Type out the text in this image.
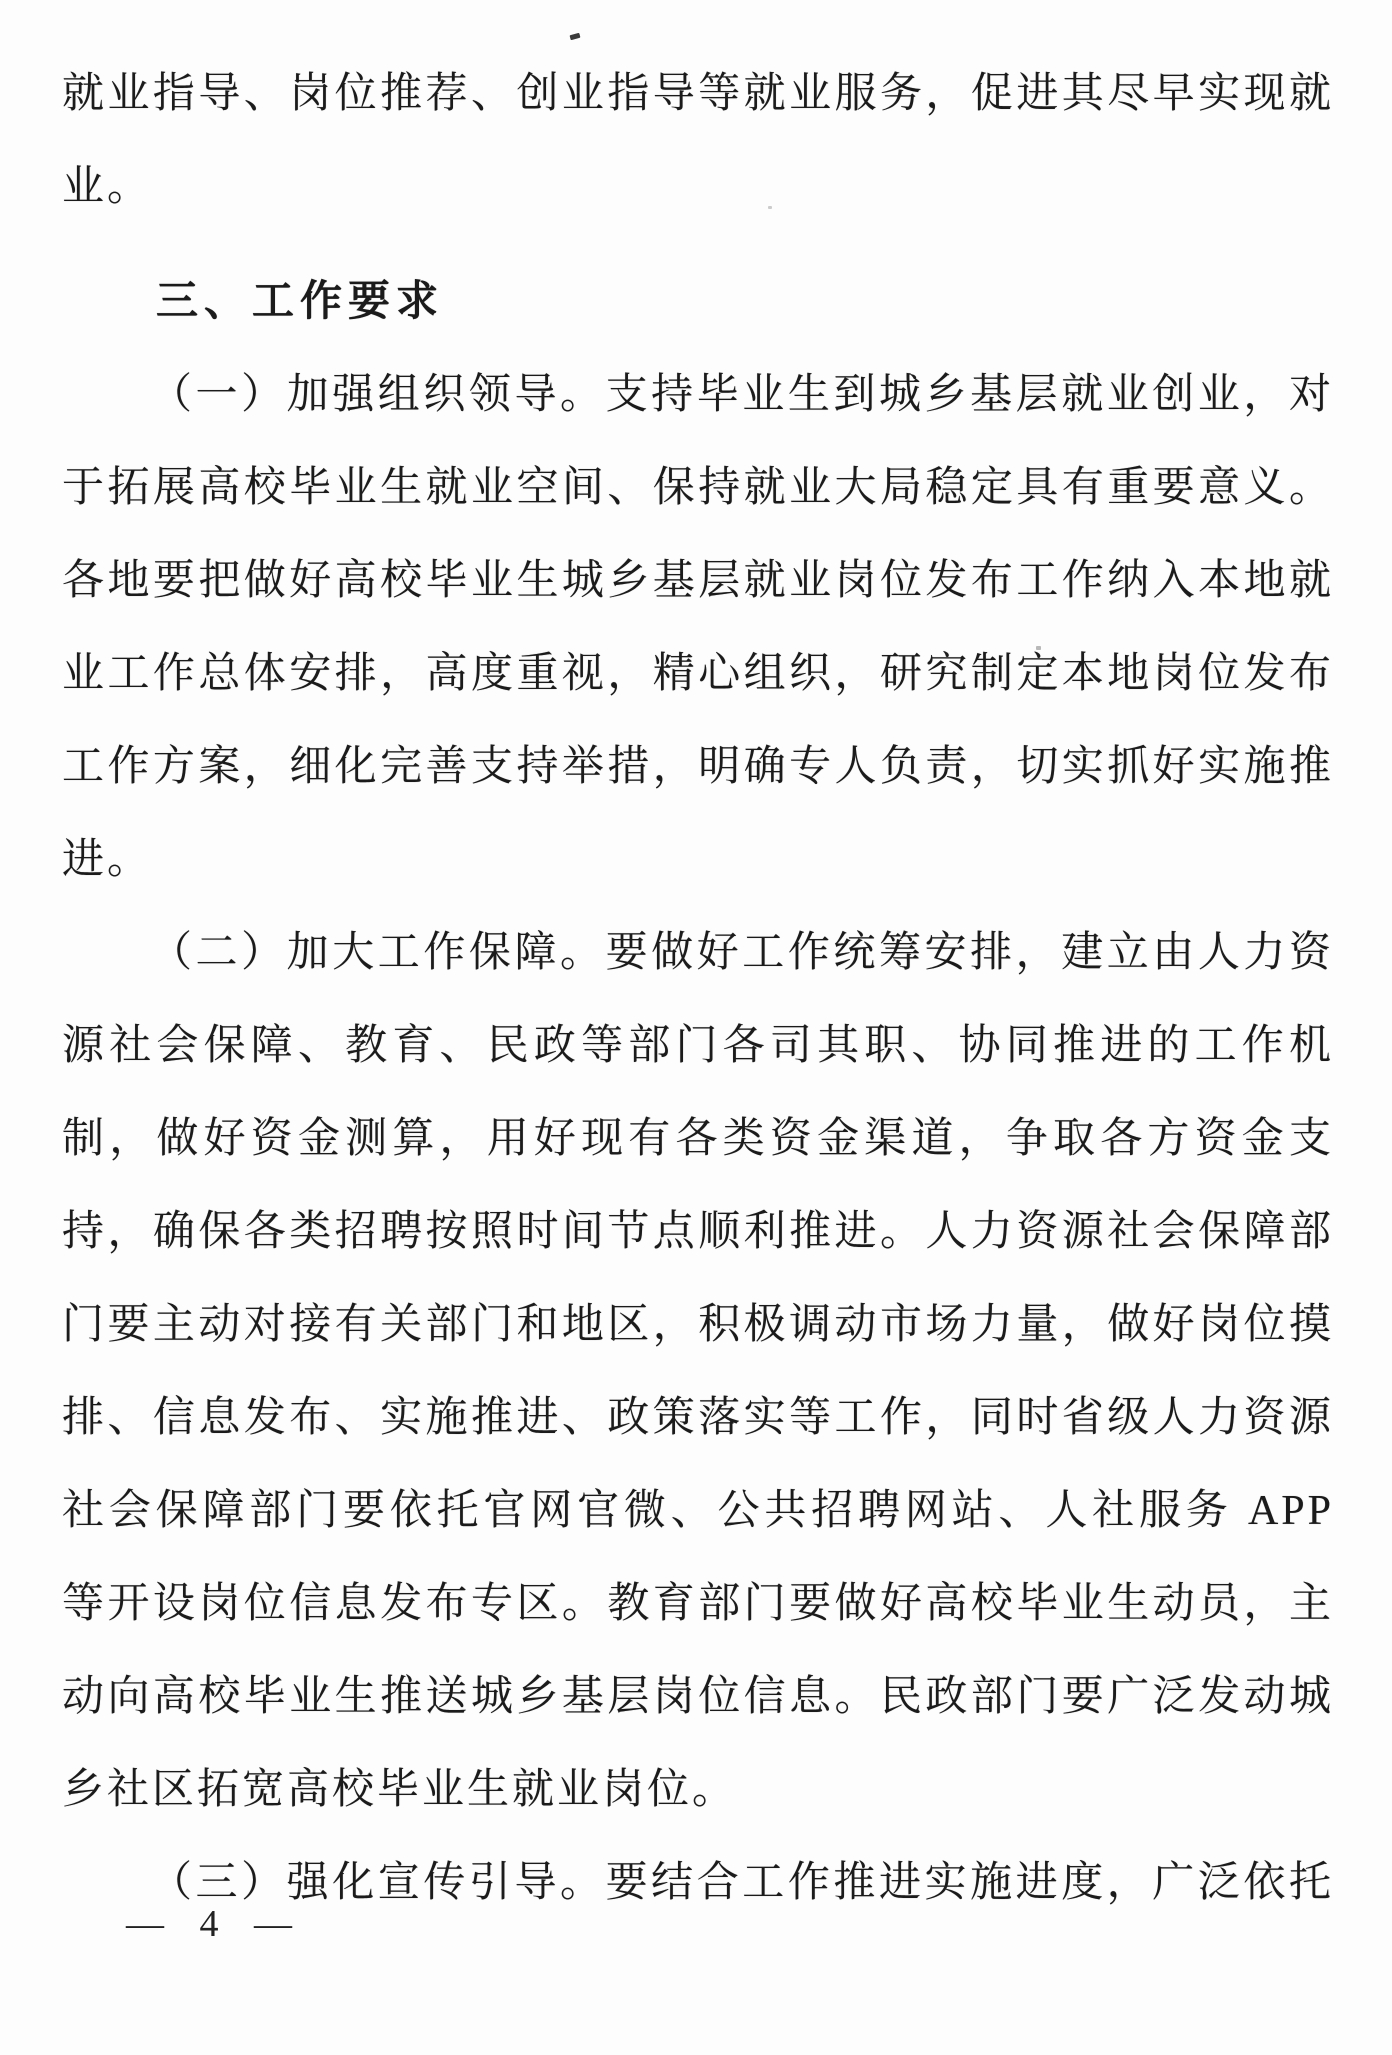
就业指导、岗位推荐、创业指导等就业服务，促进其尽早实现就
业。
三、工作要求
（一）加强组织领导。支持毕业生到城乡基层就业创业，对
于拓展高校毕业生就业空间、保持就业大局稳定具有重要意义。
各地要把做好高校毕业生城乡基层就业岗位发布工作纳入本地就
业工作总体安排，高度重视，精心组织，研究制定本地岗位发布
工作方案，细化完善支持举措，明确专人负责，切实抓好实施推
进。
（二）加大工作保障。要做好工作统筹安排，建立由人力资
源社会保障、教育、民政等部门各司其职、协同推进的工作机
制，做好资金测算，用好现有各类资金渠道，争取各方资金支
持，确保各类招聘按照时间节点顺利推进。人力资源社会保障部
门要主动对接有关部门和地区，积极调动市场力量，做好岗位摸
排、信息发布、实施推进、政策落实等工作，同时省级人力资源
社会保障部门要依托官网官微、公共招聘网站、人社服务 APP
等开设岗位信息发布专区。教育部门要做好高校毕业生动员，主
动向高校毕业生推送城乡基层岗位信息。民政部门要广泛发动城
乡社区拓宽高校毕业生就业岗位。
（三）强化宣传引导。要结合工作推进实施进度，广泛依托
— 4 —
